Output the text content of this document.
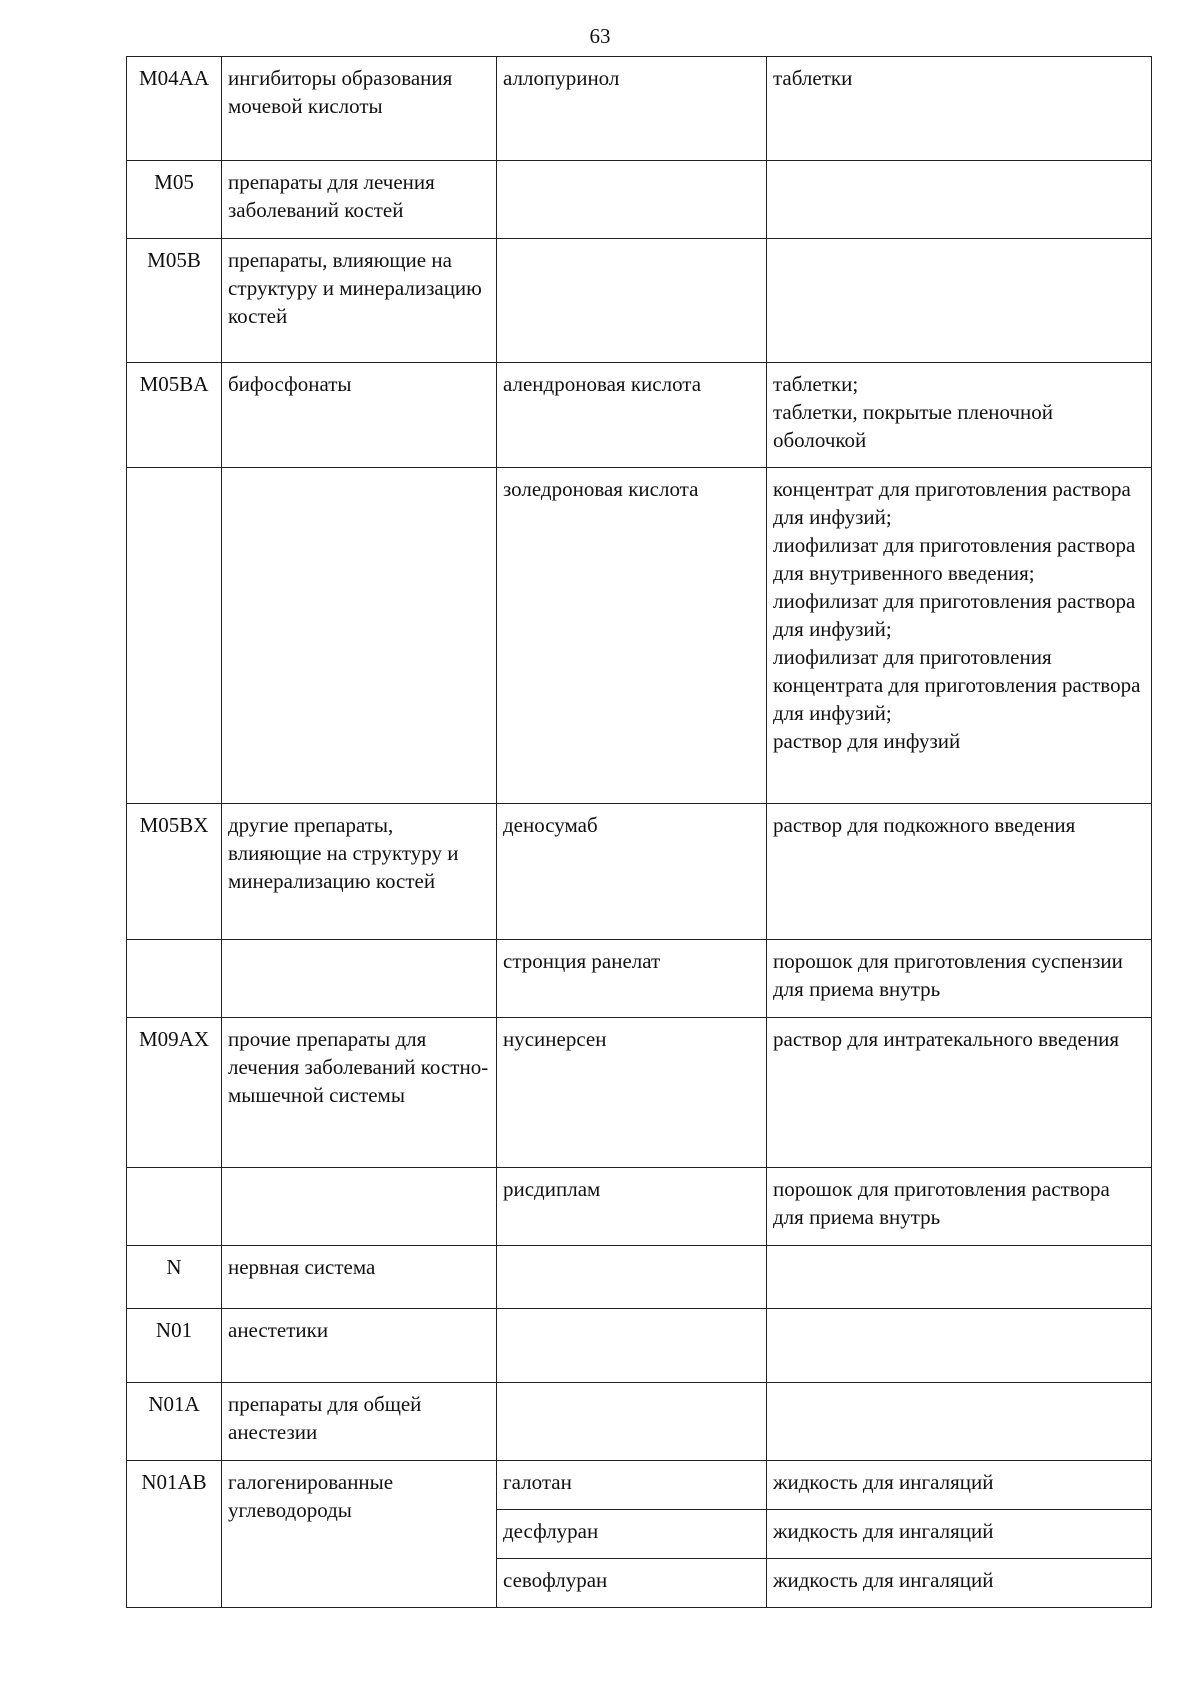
63
M04AA	ингибиторы образования мочевой кислоты	аллопуринол	таблетки

M05	препараты для лечения заболеваний костей		
M05B	препараты, влияющие на структуру и минерализацию костей		
M05BA	бифосфонаты	алендроновая кислота	таблетки;
таблетки, покрытые пленочной оболочкой

		золедроновая кислота	концентрат для приготовления раствора для инфузий;
лиофилизат для приготовления раствора для внутривенного введения;
лиофилизат для приготовления раствора для инфузий;
лиофилизат для приготовления концентрата для приготовления раствора для инфузий;
раствор для инфузий

M05BX	другие препараты, влияющие на структуру и минерализацию костей	деносумаб	раствор для подкожного введения

		стронция ранелат	порошок для приготовления суспензии для приема внутрь

M09AX	прочие препараты для лечения заболеваний костно-мышечной системы	нусинерсен	раствор для интратекального введения

		рисдиплам	порошок для приготовления раствора для приема внутрь

N	нервная система		
N01	анестетики		
N01A	препараты для общей анестезии		
N01AB	галогенированные углеводороды	галотан	жидкость для ингаляций

		десфлуран	жидкость для ингаляций

		севофлуран	жидкость для ингаляций
